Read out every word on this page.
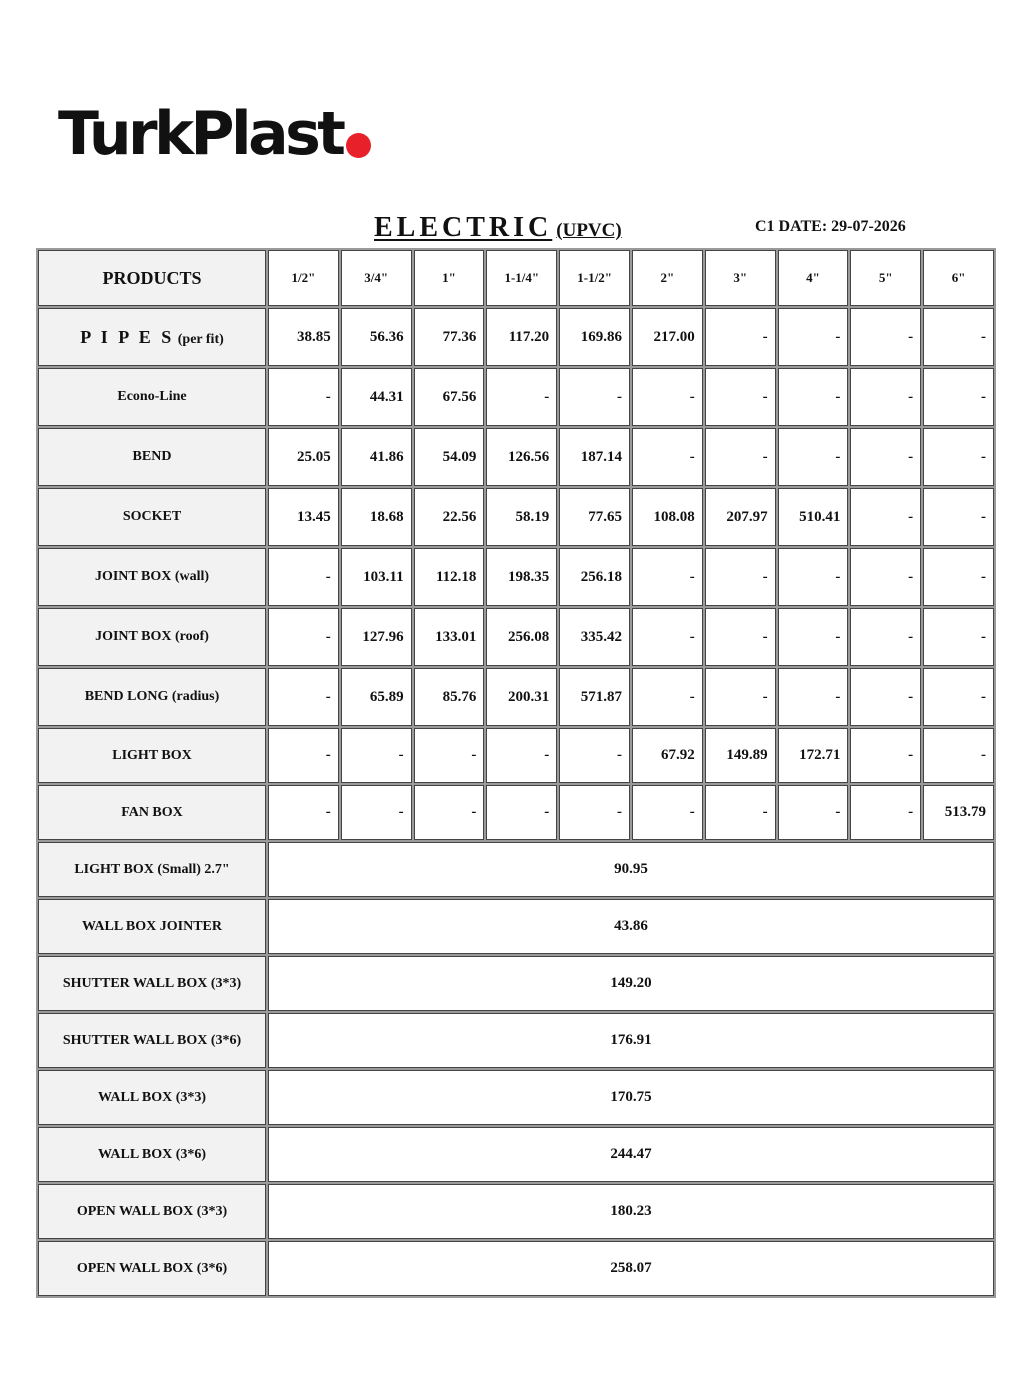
TurkPlast
ELECTRIC (UPVC)	C1 DATE: 29-07-2026
PRODUCTS	1/2"	3/4"	1"	1-1/4"	1-1/2"	2"	3"	4"	5"	6"
P I P E S (per fit)	38.85	56.36	77.36	117.20	169.86	217.00	-	-	-	-
Econo-Line	-	44.31	67.56	-	-	-	-	-	-	-
BEND	25.05	41.86	54.09	126.56	187.14	-	-	-	-	-
SOCKET	13.45	18.68	22.56	58.19	77.65	108.08	207.97	510.41	-	-
JOINT BOX (wall)	-	103.11	112.18	198.35	256.18	-	-	-	-	-
JOINT BOX (roof)	-	127.96	133.01	256.08	335.42	-	-	-	-	-
BEND LONG (radius)	-	65.89	85.76	200.31	571.87	-	-	-	-	-
LIGHT BOX	-	-	-	-	-	67.92	149.89	172.71	-	-
FAN BOX	-	-	-	-	-	-	-	-	-	513.79
LIGHT BOX (Small) 2.7"	90.95									
WALL BOX JOINTER	43.86									
SHUTTER WALL BOX (3*3)	149.20									
SHUTTER WALL BOX (3*6)	176.91									
WALL BOX (3*3)	170.75									
WALL BOX (3*6)	244.47									
OPEN WALL BOX (3*3)	180.23									
OPEN WALL BOX (3*6)	258.07									
